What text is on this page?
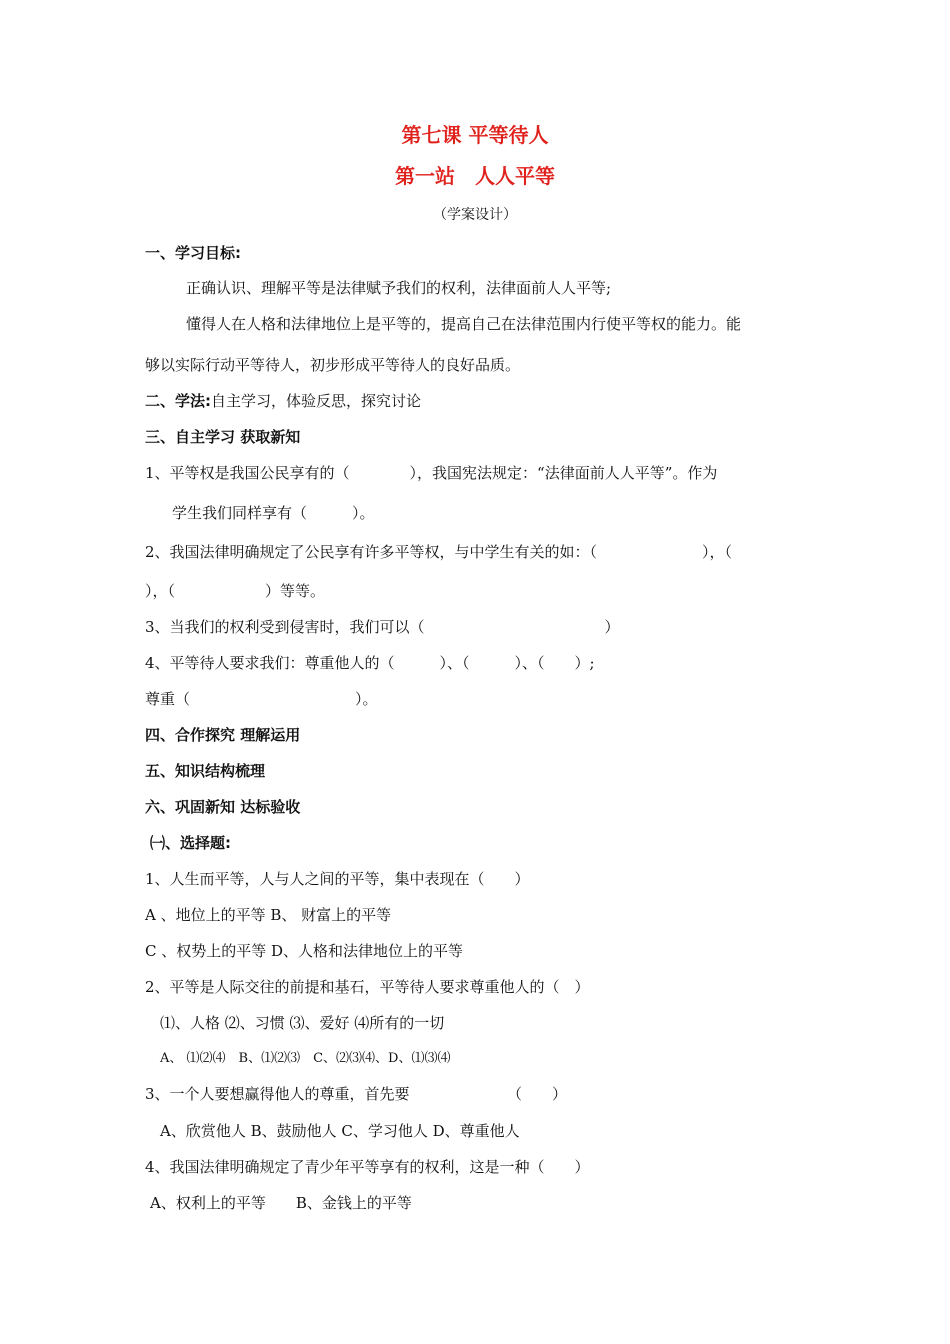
第七课 平等待人
第一站　人人平等
（学案设计）
一、学习目标:
正确认识、理解平等是法律赋予我们的权利，法律面前人人平等;
懂得人在人格和法律地位上是平等的，提高自己在法律范围内行使平等权的能力。能
够以实际行动平等待人，初步形成平等待人的良好品质。
二、学法:自主学习，体验反思，探究讨论
三、自主学习 获取新知
1、平等权是我国公民享有的（　　　　），我国宪法规定：“法律面前人人平等”。作为
学生我们同样享有（　　　）。
2、我国法律明确规定了公民享有许多平等权，与中学生有关的如：（　　　　　　　），（
），（　　　　　　）等等。
3、当我们的权利受到侵害时，我们可以（　　　　　　　　　　　　）
4、平等待人要求我们：尊重他人的（　　　）、（　　　）、（　　）;
尊重（　　　　　　　　　　　）。
四、合作探究 理解运用
五、知识结构梳理
六、巩固新知 达标验收
㈠、选择题:
1、人生而平等，人与人之间的平等，集中表现在（　　）
A 、地位上的平等 B、 财富上的平等
C 、权势上的平等 D、人格和法律地位上的平等
2、平等是人际交往的前提和基石，平等待人要求尊重他人的（　）
⑴、人格 ⑵、习惯 ⑶、爱好 ⑷所有的一切
A、 ⑴⑵⑷　B、⑴⑵⑶　C、⑵⑶⑷、D、⑴⑶⑷
3、一个人要想赢得他人的尊重，首先要　　　　　　　（　　）
A、欣赏他人 B、鼓励他人 C、学习他人 D、尊重他人
4、我国法律明确规定了青少年平等享有的权利，这是一种（　　）
A、权利上的平等　　B、金钱上的平等
